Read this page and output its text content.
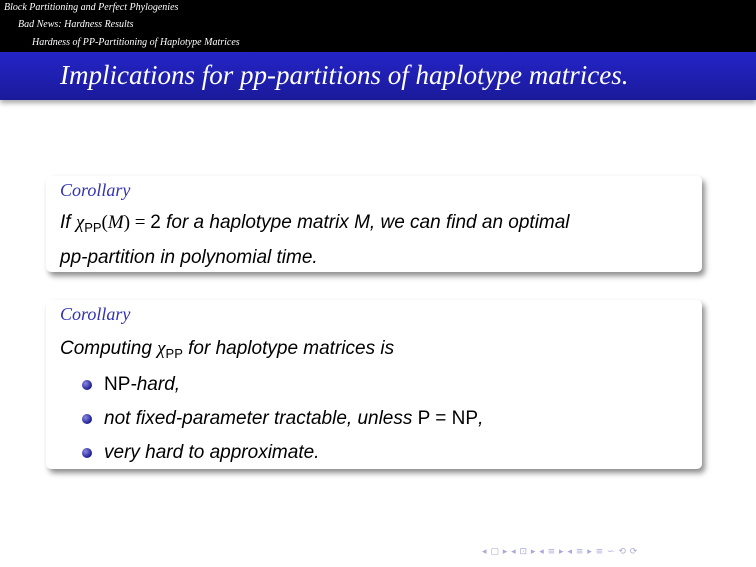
Block Partitioning and Perfect Phylogenies
Bad News: Hardness Results
Hardness of PP-Partitioning of Haplotype Matrices
Implications for pp-partitions of haplotype matrices.
Corollary
If $\chi_{PP}(M) = 2$ for a haplotype matrix M, we can find an optimal
pp-partition in polynomial time.
Corollary
Computing $\chi_{PP}$ for haplotype matrices is
NP-hard,
not fixed-parameter tractable, unless P = NP,
very hard to approximate.
◂ ▢ ▸ ◂ ⊡ ▸ ◂ ≡ ▸ ◂ ≡ ▸ ≡ ∽ ⟲ ⟳
